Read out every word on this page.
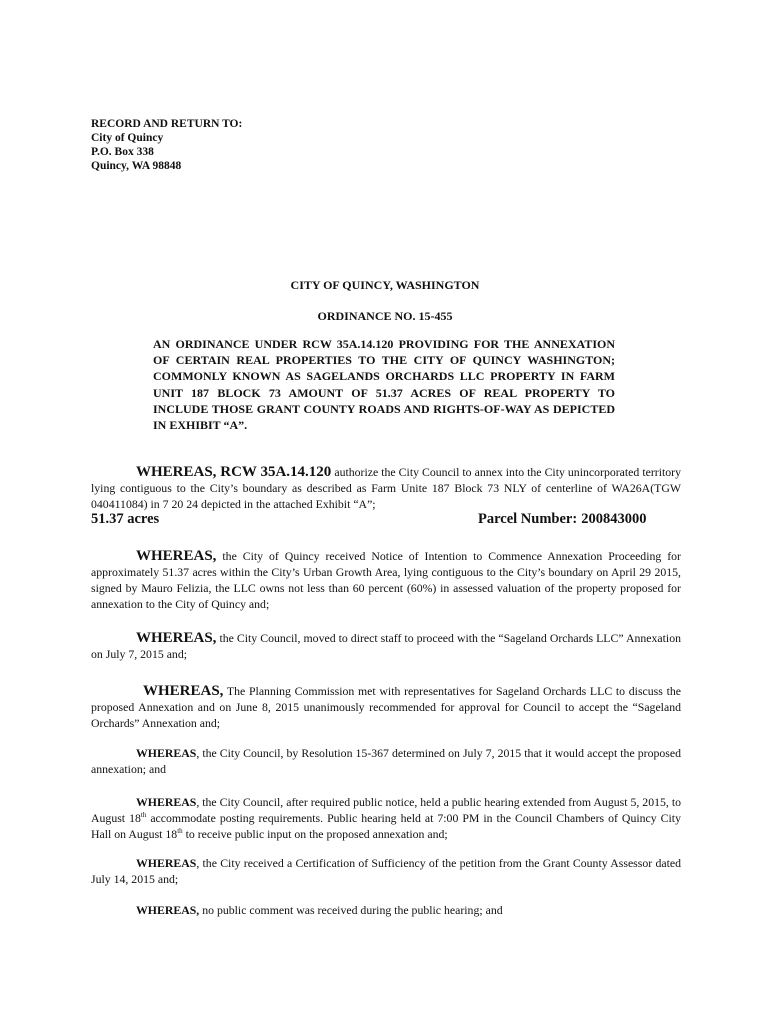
RECORD AND RETURN TO:
City of Quincy
P.O. Box 338
Quincy, WA 98848
CITY OF QUINCY, WASHINGTON
ORDINANCE NO. 15-455
AN ORDINANCE UNDER RCW 35A.14.120 PROVIDING FOR THE ANNEXATION OF CERTAIN REAL PROPERTIES TO THE CITY OF QUINCY WASHINGTON; COMMONLY KNOWN AS SAGELANDS ORCHARDS LLC PROPERTY IN FARM UNIT 187 BLOCK 73 AMOUNT OF 51.37 ACRES OF REAL PROPERTY TO INCLUDE THOSE GRANT COUNTY ROADS AND RIGHTS-OF-WAY AS DEPICTED IN EXHIBIT “A”.
WHEREAS, RCW 35A.14.120 authorize the City Council to annex into the City unincorporated territory lying contiguous to the City’s boundary as described as Farm Unite 187 Block 73 NLY of centerline of WA26A(TGW 040411084) in 7 20 24 depicted in the attached Exhibit “A”;
51.37 acres	Parcel Number: 200843000
WHEREAS, the City of Quincy received Notice of Intention to Commence Annexation Proceeding for approximately 51.37 acres within the City’s Urban Growth Area, lying contiguous to the City’s boundary on April 29 2015, signed by Mauro Felizia, the LLC owns not less than 60 percent (60%) in assessed valuation of the property proposed for annexation to the City of Quincy and;
WHEREAS, the City Council, moved to direct staff to proceed with the “Sageland Orchards LLC” Annexation on July 7, 2015 and;
WHEREAS, The Planning Commission met with representatives for Sageland Orchards LLC to discuss the proposed Annexation and on June 8, 2015 unanimously recommended for approval for Council to accept the “Sageland Orchards” Annexation and;
WHEREAS, the City Council, by Resolution 15-367 determined on July 7, 2015 that it would accept the proposed annexation; and
WHEREAS, the City Council, after required public notice, held a public hearing extended from August 5, 2015, to August 18th accommodate posting requirements. Public hearing held at 7:00 PM in the Council Chambers of Quincy City Hall on August 18th to receive public input on the proposed annexation and;
WHEREAS, the City received a Certification of Sufficiency of the petition from the Grant County Assessor dated July 14, 2015 and;
WHEREAS, no public comment was received during the public hearing; and
